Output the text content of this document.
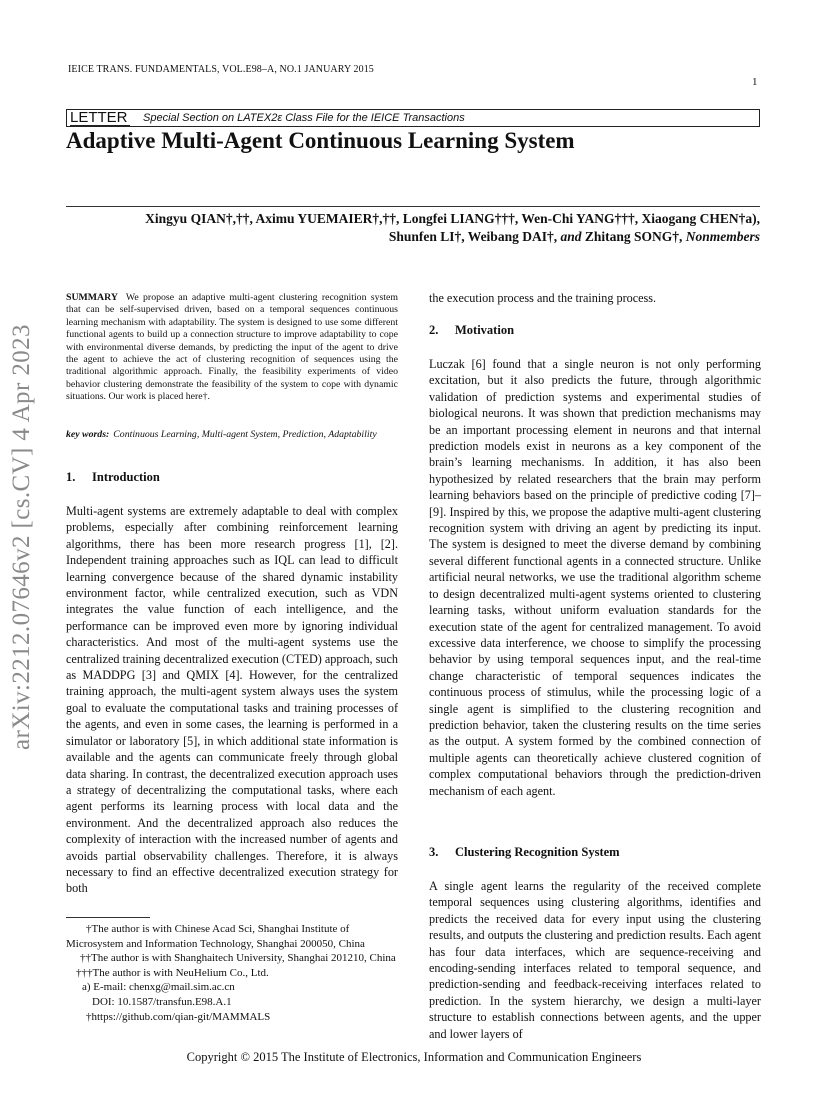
IEICE TRANS. FUNDAMENTALS, VOL.E98–A, NO.1 JANUARY 2015
1
LETTER Special Section on LATEX2ε Class File for the IEICE Transactions
Adaptive Multi-Agent Continuous Learning System
Xingyu QIAN†,††, Aximu YUEMAIER†,††, Longfei LIANG†††, Wen-Chi YANG†††, Xiaogang CHEN†a),
Shunfen LI†, Weibang DAI†, and Zhitang SONG†, Nonmembers
arXiv:2212.07646v2 [cs.CV] 4 Apr 2023
SUMMARY We propose an adaptive multi-agent clustering recognition system that can be self-supervised driven, based on a temporal sequences continuous learning mechanism with adaptability. The system is designed to use some different functional agents to build up a connection structure to improve adaptability to cope with environmental diverse demands, by predicting the input of the agent to drive the agent to achieve the act of clustering recognition of sequences using the traditional algorithmic approach. Finally, the feasibility experiments of video behavior clustering demonstrate the feasibility of the system to cope with dynamic situations. Our work is placed here†.
key words: Continuous Learning, Multi-agent System, Prediction, Adaptability
1. Introduction

Multi-agent systems are extremely adaptable to deal with complex problems, especially after combining reinforcement learning algorithms, there has been more research progress [1], [2]. Independent training approaches such as IQL can lead to difficult learning convergence because of the shared dynamic instability environment factor, while centralized execution, such as VDN integrates the value function of each intelligence, and the performance can be improved even more by ignoring individual characteristics. And most of the multi-agent systems use the centralized training decentralized execution (CTED) approach, such as MADDPG [3] and QMIX [4]. However, for the centralized training approach, the multi-agent system always uses the system goal to evaluate the computational tasks and training processes of the agents, and even in some cases, the learning is performed in a simulator or laboratory [5], in which additional state information is available and the agents can communicate freely through global data sharing. In contrast, the decentralized execution approach uses a strategy of decentralizing the computational tasks, where each agent performs its learning process with local data and the environment. And the decentralized approach also reduces the complexity of interaction with the increased number of agents and avoids partial observability challenges. Therefore, it is always necessary to find an effective decentralized execution strategy for both

†The author is with Chinese Acad Sci, Shanghai Institute of Microsystem and Information Technology, Shanghai 200050, China

††The author is with Shanghaitech University, Shanghai 201210, China

†††The author is with NeuHelium Co., Ltd.

a) E-mail: chenxg@mail.sim.ac.cn

DOI: 10.1587/transfun.E98.A.1

†https://github.com/qian-git/MAMMALS

the execution process and the training process.

2. Motivation

Luczak [6] found that a single neuron is not only performing excitation, but it also predicts the future, through algorithmic validation of prediction systems and experimental studies of biological neurons. It was shown that prediction mechanisms may be an important processing element in neurons and that internal prediction models exist in neurons as a key component of the brain’s learning mechanisms. In addition, it has also been hypothesized by related researchers that the brain may perform learning behaviors based on the principle of predictive coding [7]–[9]. Inspired by this, we propose the adaptive multi-agent clustering recognition system with driving an agent by predicting its input. The system is designed to meet the diverse demand by combining several different functional agents in a connected structure. Unlike artificial neural networks, we use the traditional algorithm scheme to design decentralized multi-agent systems oriented to clustering learning tasks, without uniform evaluation standards for the execution state of the agent for centralized management. To avoid excessive data interference, we choose to simplify the processing behavior by using temporal sequences input, and the real-time change characteristic of temporal sequences indicates the continuous process of stimulus, while the processing logic of a single agent is simplified to the clustering recognition and prediction behavior, taken the clustering results on the time series as the output. A system formed by the combined connection of multiple agents can theoretically achieve clustered cognition of complex computational behaviors through the prediction-driven mechanism of each agent.

3. Clustering Recognition System

A single agent learns the regularity of the received complete temporal sequences using clustering algorithms, identifies and predicts the received data for every input using the clustering results, and outputs the clustering and prediction results. Each agent has four data interfaces, which are sequence-receiving and encoding-sending interfaces related to temporal sequence, and prediction-sending and feedback-receiving interfaces related to prediction. In the system hierarchy, we design a multi-layer structure to establish connections between agents, and the upper and lower layers of

Copyright © 2015 The Institute of Electronics, Information and Communication Engineers
